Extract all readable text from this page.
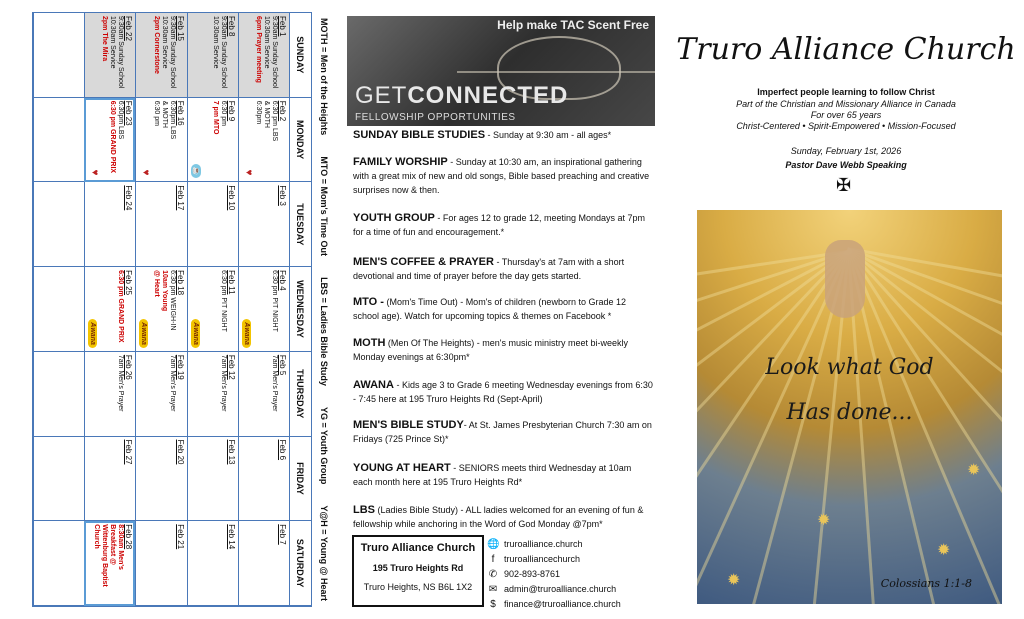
MOTH = Men of the Heights
MTO = Mom's Time Out
LBS = Ladies Bible Study
YG = Youth Group
Y@H = Young @ Heart
SUNDAY
MONDAY
TUESDAY
WEDNESDAY
THURSDAY
FRIDAY
SATURDAY
Feb 1
9:30am Sunday School
10:30am Service
6pm Prayer meeting
Feb 2
6:30 pm LBS
& MOTH
6:30pm
♥
Feb 3
Feb 4
6:30 pm PIT NIGHT
Awana
Feb 5
7am Men's Prayer
Feb 6
Feb 7
Feb 8
9:30am Sunday School
10:30am Service
Feb 9
6:30 pm
7 pm MTO
☕
Feb 10
Feb 11
6:30 pm PIT NIGHT
Awana
Feb 12
7am Men's Prayer
Feb 13
Feb 14
Feb 15
9:30am Sunday School
10:30am Service
2pm Cornerstone
Feb 16
6:30pm LBS
& MOTH
6:30 pm
♥
Feb 17
Feb 18
6:30 pm WEIGH-IN
10am Young
@ Heart
Awana
Feb 19
7am Men's Prayer
Feb 20
Feb 21
Feb 22
9:30am Sunday School
10:30am Service
2pm The Mira
Feb 23
6:30pm LBS
6:30 pm GRAND PRIX
♥
Feb 24
Feb 25
6:30 pm GRAND PRIX
Awana
Feb 26
7am Men's Prayer
Feb 27
Feb 28
8:30am Men's
Breakfast @
Wittenburg Baptist
Church
Help make TAC Scent Free
GETCONNECTED
FELLOWSHIP OPPORTUNITIES
SUNDAY BIBLE STUDIES - Sunday at 9:30 am - all ages*
FAMILY WORSHIP - Sunday at 10:30 am, an inspirational gathering with a great mix of new and old songs, Bible based preaching and creative surprises now & then.
YOUTH GROUP - For ages 12 to grade 12, meeting Mondays at 7pm for a time of fun and encouragement.*
MEN'S COFFEE & PRAYER - Thursday's at 7am with a short devotional and time of prayer before the day gets started.
MTO - (Mom's Time Out) - Mom's of children (newborn to Grade 12 school age). Watch for upcoming topics & themes on Facebook *
MOTH (Men Of The Heights) - men's music ministry meet bi-weekly Monday evenings at 6:30pm*
AWANA - Kids age 3 to Grade 6 meeting Wednesday evenings from 6:30 - 7:45 here at 195 Truro Heights Rd (Sept-April)
MEN'S BIBLE STUDY- At St. James Presbyterian Church 7:30 am on Fridays (725 Prince St)*
YOUNG AT HEART - SENIORS meets third Wednesday at 10am each month here at 195 Truro Heights Rd*
LBS (Ladies Bible Study) - ALL ladies welcomed for an evening of fun & fellowship while anchoring in the Word of God Monday @7pm*
Truro Alliance Church
195 Truro Heights Rd
Truro Heights, NS B6L 1X2
🌐 truroalliance.church
f truroalliancechurch
✆ 902-893-8761
✉ admin@truroalliance.church
$ finance@truroalliance.church
Truro Alliance Church
Imperfect people learning to follow Christ
Part of the Christian and Missionary Alliance in Canada
For over 65 years
Christ-Centered • Spirit-Empowered • Mission-Focused
Sunday, February 1st, 2026
Pastor Dave Webb Speaking
✠
✹
✹
✹
✹
Look what God
Has done...
Colossians 1:1-8
